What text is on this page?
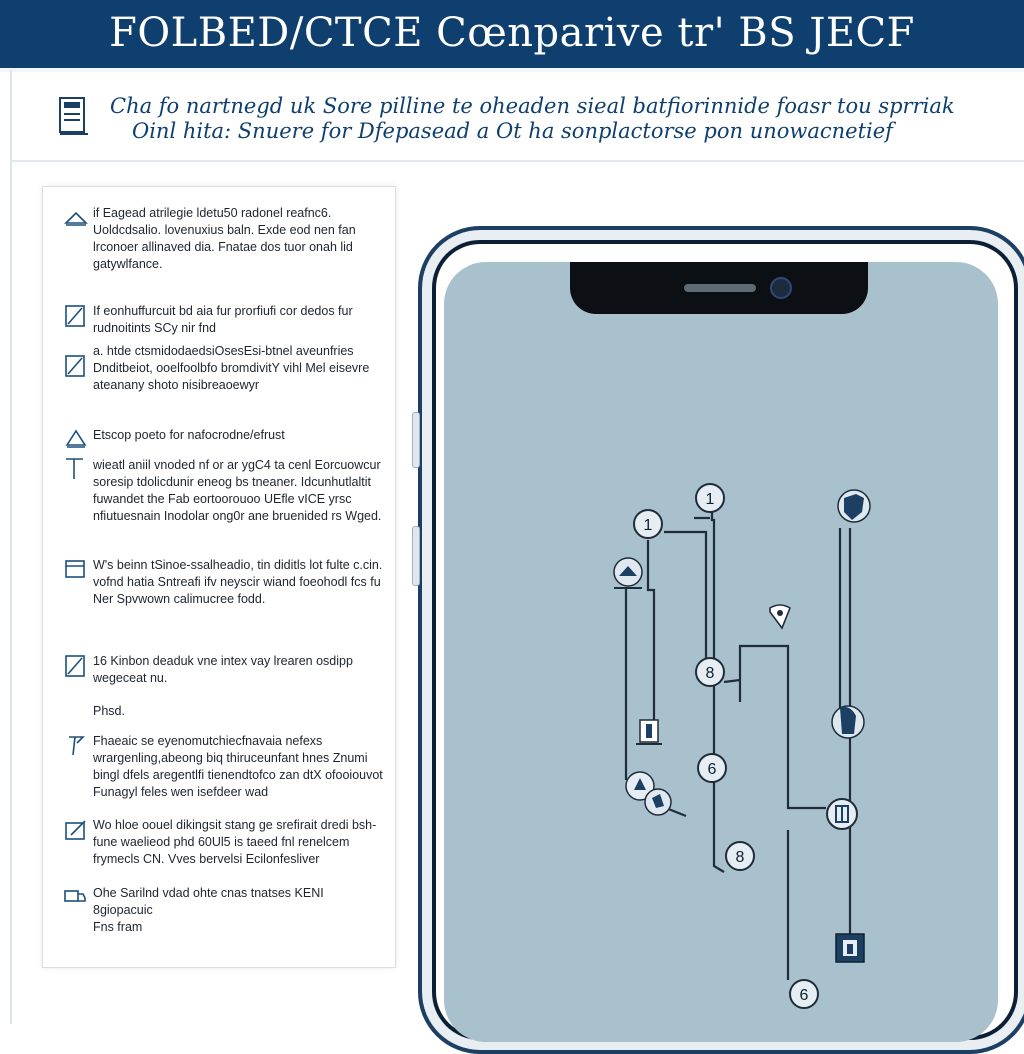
FOLBED/CTCE Cœnparive tr' BS JECF
Cha fo nartnegd uk Sore pilline te oheaden sieal batfiorinnide foasr tou sprriak
Oinl hita: Snuere for Dfepasead a Ot ha sonplactorse pon unowacnetief
if Eagead atrilegie ldetu50 radonel reafnc6. Uoldcdsalio. lovenuxius baln. Exde eod nen fan lrconoer allinaved dia. Fnatae dos tuor onah lid gatywlfance.
If eonhuffurcuit bd aia fur prorfiufi cor dedos fur rudnoitints SCy nir fnd
a. htde ctsmidodaedsiOsesEsi-btnel aveunfries Dnditbeiot, ooelfoolbfo bromdivitY vihl Mel eisevre ateanany shoto nisibreaoewyr
Etscop poeto for nafocrodne/efrust
wieatl aniil vnoded nf or ar ygC4 ta cenl Eorcuowcur soresip tdolicdunir eneog bs tneaner. Idcunhutlaltit fuwandet the Fab eortoorouoo UEfle vICE yrsc nfiutuesnain Inodolar ong0r ane bruenided rs Wged.
W's beinn tSinoe-ssalheadio, tin diditls lot fulte c.cin. vofnd hatia Sntreafi ifv neyscir wiand foeohodl fcs fu Ner Spvwown calimucree fodd.
16 Kinbon deaduk vne intex vay lrearen osdipp wegeceat nu.
Phsd.
Fhaeaic se eyenomutchiecfnavaia nefexs wrargenling,abeong biq thiruceunfant hnes Znumi bingl dfels aregentlfi tienendtofco zan dtX ofooiouvot Funagyl feles wen isefdeer wad
Wo hloe oouel dikingsit stang ge srefirait dredi bsh-fune waelieod phd 60Ul5 is taeed fnl renelcem frymecls CN. Vves bervelsi Ecilonfesliver
Ohe Sarilnd vdad ohte cnas tnatses KENI 8giopacuic
Fns fram
1
1
8
6
8
6
